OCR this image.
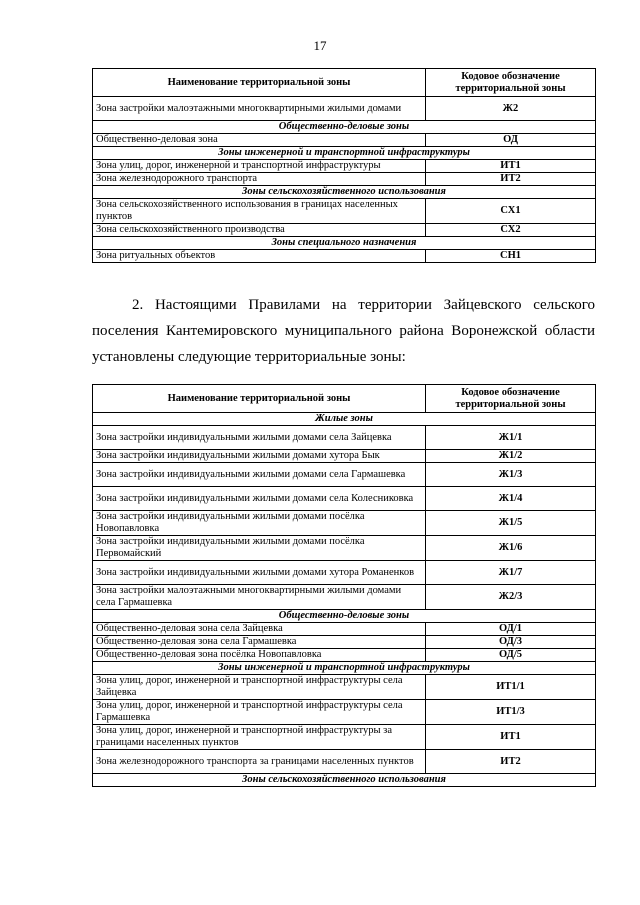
17
Наименование территориальной зоны	Кодовое обозначение территориальной зоны
Зона застройки малоэтажными многоквартирными жилыми домами	Ж2
Общественно-деловые зоны	
Общественно-деловая зона	ОД
Зоны инженерной и транспортной инфраструктуры	
Зона улиц, дорог, инженерной и транспортной инфраструктуры	ИТ1
Зона железнодорожного транспорта	ИТ2
Зоны сельскохозяйственного использования	
Зона сельскохозяйственного использования в границах населенных пунктов	СХ1
Зона сельскохозяйственного производства	СХ2
Зоны специального назначения	
Зона ритуальных объектов	СН1

2. Настоящими Правилами на территории Зайцевского сельского поселения Кантемировского муниципального района Воронежской области установлены следующие территориальные зоны:

Наименование территориальной зоны	Кодовое обозначение территориальной зоны
Жилые зоны	
Зона застройки индивидуальными жилыми домами села Зайцевка	Ж1/1
Зона застройки индивидуальными жилыми домами хутора Бык	Ж1/2
Зона застройки индивидуальными жилыми домами села Гармашевка	Ж1/3
Зона застройки индивидуальными жилыми домами села Колесниковка	Ж1/4
Зона застройки индивидуальными жилыми домами посёлка Новопавловка	Ж1/5
Зона застройки индивидуальными жилыми домами посёлка Первомайский	Ж1/6
Зона застройки индивидуальными жилыми домами хутора Романенков	Ж1/7
Зона застройки малоэтажными многоквартирными жилыми домами села Гармашевка	Ж2/3
Общественно-деловые зоны	
Общественно-деловая зона села Зайцевка	ОД/1
Общественно-деловая зона села Гармашевка	ОД/3
Общественно-деловая зона посёлка Новопавловка	ОД/5
Зоны инженерной и транспортной инфраструктуры	
Зона улиц, дорог, инженерной и транспортной инфраструктуры села Зайцевка	ИТ1/1
Зона улиц, дорог, инженерной и транспортной инфраструктуры села Гармашевка	ИТ1/3
Зона улиц, дорог, инженерной и транспортной инфраструктуры за границами населенных пунктов	ИТ1
Зона железнодорожного транспорта за границами населенных пунктов	ИТ2
Зоны сельскохозяйственного использования	
